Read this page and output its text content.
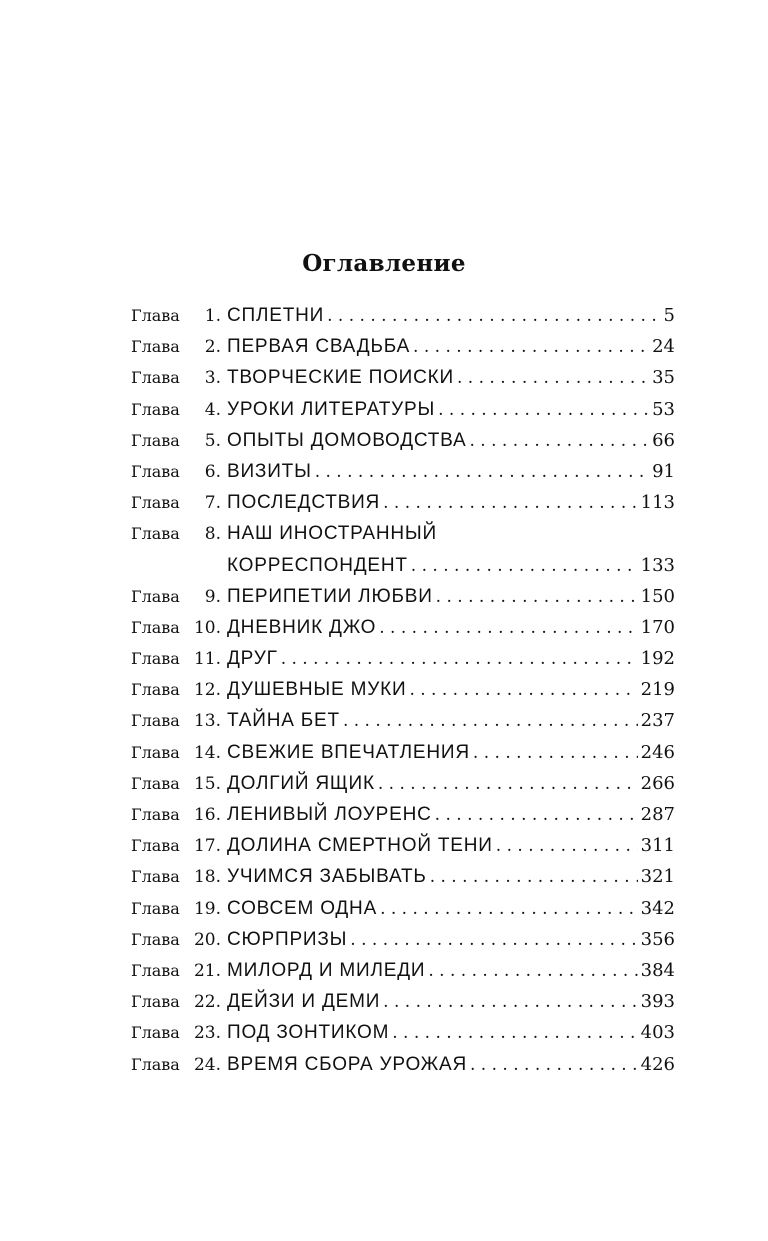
Оглавление
Глава	1. СПЛЕТНИ . . .	5
Глава	2. ПЕРВАЯ СВАДЬБА . . .	24
Глава	3. ТВОРЧЕСКИЕ ПОИСКИ . . .	35
Глава	4. УРОКИ ЛИТЕРАТУРЫ . . .	53
Глава	5. ОПЫТЫ ДОМОВОДСТВА . . .	66
Глава	6. ВИЗИТЫ . . .	91
Глава	7. ПОСЛЕДСТВИЯ . . .	113
Глава	8. НАШ ИНОСТРАННЫЙ
КОРРЕСПОНДЕНТ . . .	133
Глава	9. ПЕРИПЕТИИ ЛЮБВИ . . .	150
Глава 10. ДНЕВНИК ДЖО . . .	170
Глава 11. ДРУГ . . .	192
Глава 12. ДУШЕВНЫЕ МУКИ . . .	219
Глава 13. ТАЙНА БЕТ . . .	237
Глава 14. СВЕЖИЕ ВПЕЧАТЛЕНИЯ . . .	246
Глава 15. ДОЛГИЙ ЯЩИК . . .	266
Глава 16. ЛЕНИВЫЙ ЛОУРЕНС . . .	287
Глава 17. ДОЛИНА СМЕРТНОЙ ТЕНИ . . .	311
Глава 18. УЧИМСЯ ЗАБЫВАТЬ . . .	321
Глава 19. СОВСЕМ ОДНА . . .	342
Глава 20. СЮРПРИЗЫ . . .	356
Глава 21. МИЛОРД И МИЛЕДИ . . .	384
Глава 22. ДЕЙЗИ И ДЕМИ . . .	393
Глава 23. ПОД ЗОНТИКОМ . . .	403
Глава 24. ВРЕМЯ СБОРА УРОЖАЯ . . .	426
